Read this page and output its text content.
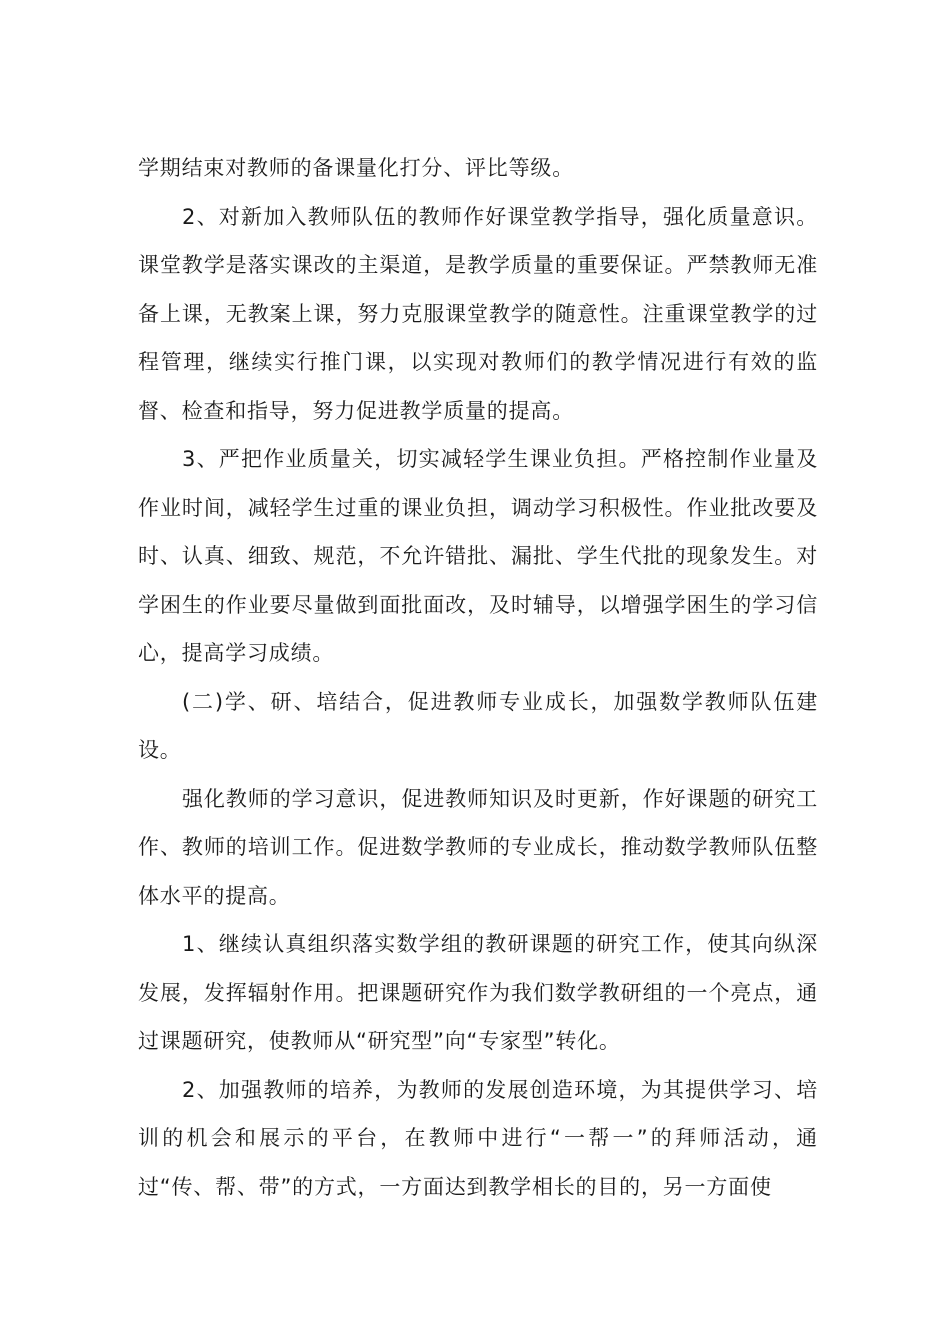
学期结束对教师的备课量化打分、评比等级。

2、对新加入教师队伍的教师作好课堂教学指导，强化质量意识。课堂教学是落实课改的主渠道，是教学质量的重要保证。严禁教师无准备上课，无教案上课，努力克服课堂教学的随意性。注重课堂教学的过程管理，继续实行推门课，以实现对教师们的教学情况进行有效的监督、检查和指导，努力促进教学质量的提高。

3、严把作业质量关，切实减轻学生课业负担。严格控制作业量及作业时间，减轻学生过重的课业负担，调动学习积极性。作业批改要及时、认真、细致、规范，不允许错批、漏批、学生代批的现象发生。对学困生的作业要尽量做到面批面改，及时辅导，以增强学困生的学习信心，提高学习成绩。

(二)学、研、培结合，促进教师专业成长，加强数学教师队伍建设。

强化教师的学习意识，促进教师知识及时更新，作好课题的研究工作、教师的培训工作。促进数学教师的专业成长，推动数学教师队伍整体水平的提高。

1、继续认真组织落实数学组的教研课题的研究工作，使其向纵深发展，发挥辐射作用。把课题研究作为我们数学教研组的一个亮点，通过课题研究，使教师从“研究型”向“专家型”转化。

2、加强教师的培养，为教师的发展创造环境，为其提供学习、培训的机会和展示的平台，在教师中进行“一帮一”的拜师活动，通过“传、帮、带”的方式，一方面达到教学相长的目的，另一方面使
